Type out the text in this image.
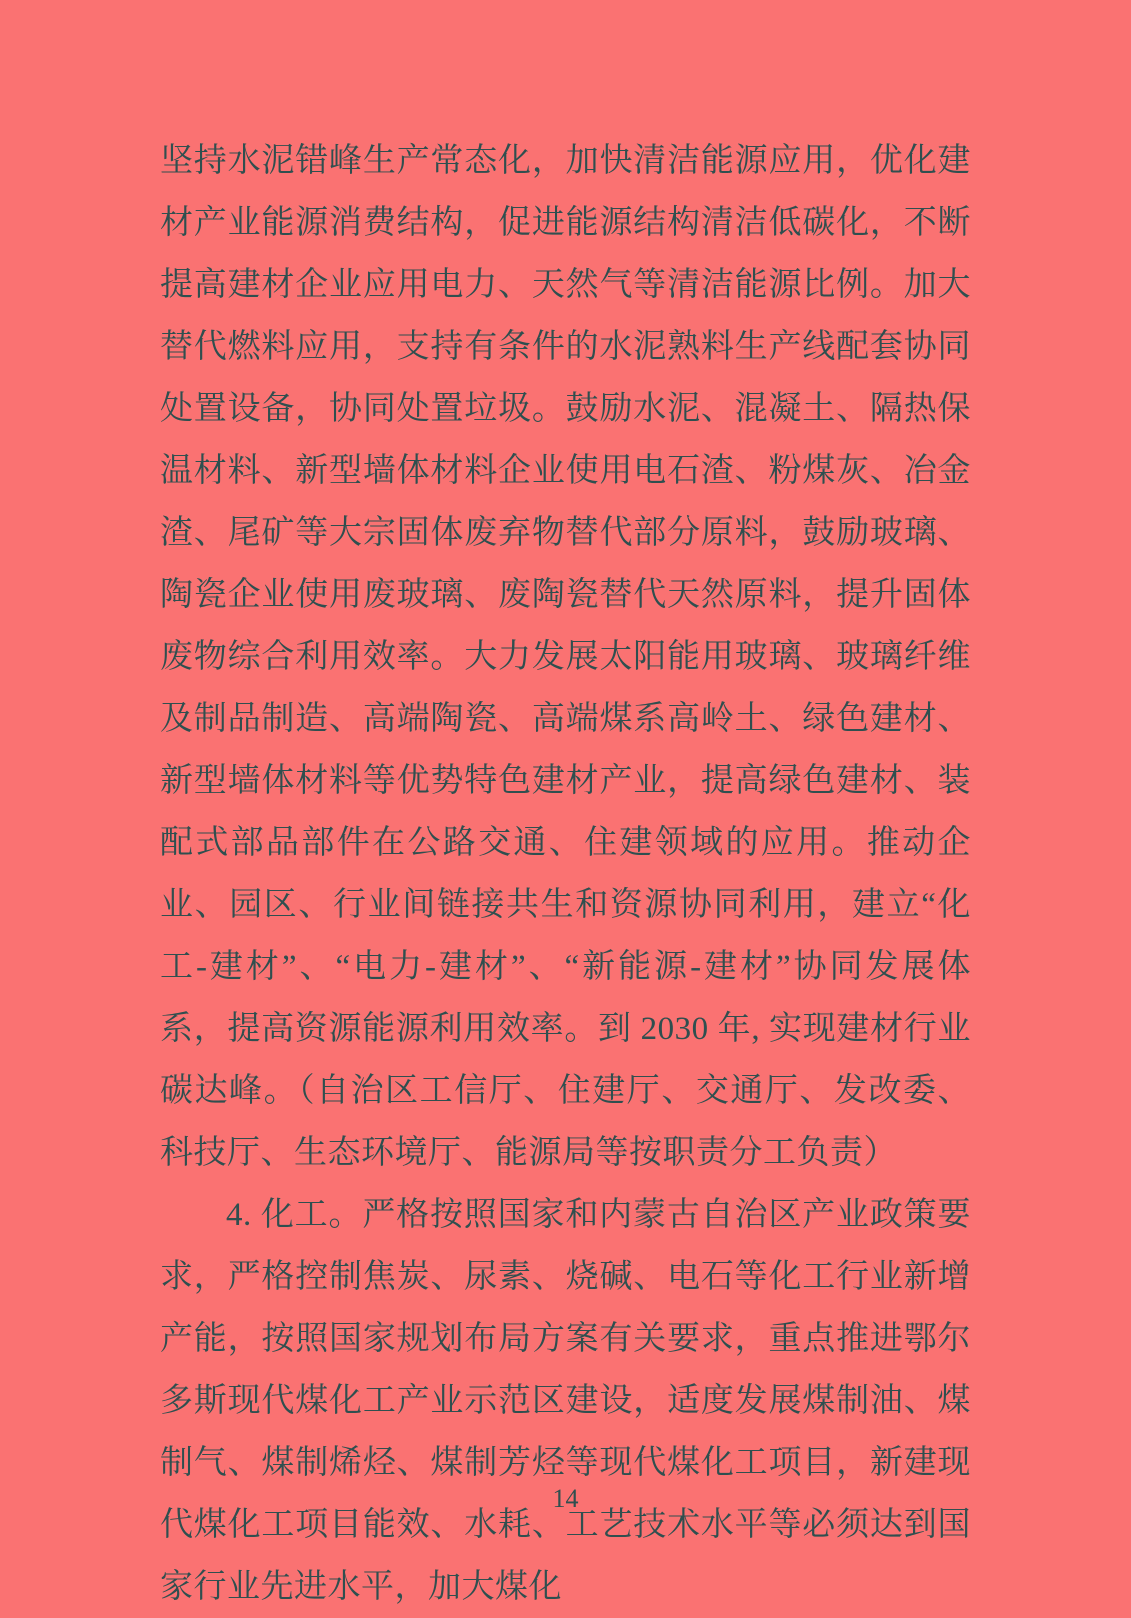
坚持水泥错峰生产常态化，加快清洁能源应用，优化建材产业能源消费结构，促进能源结构清洁低碳化，不断提高建材企业应用电力、天然气等清洁能源比例。加大替代燃料应用，支持有条件的水泥熟料生产线配套协同处置设备，协同处置垃圾。鼓励水泥、混凝土、隔热保温材料、新型墙体材料企业使用电石渣、粉煤灰、冶金渣、尾矿等大宗固体废弃物替代部分原料，鼓励玻璃、陶瓷企业使用废玻璃、废陶瓷替代天然原料，提升固体废物综合利用效率。大力发展太阳能用玻璃、玻璃纤维及制品制造、高端陶瓷、高端煤系高岭土、绿色建材、新型墙体材料等优势特色建材产业，提高绿色建材、装配式部品部件在公路交通、住建领域的应用。推动企业、园区、行业间链接共生和资源协同利用，建立“化工-建材”、“电力-建材”、“新能源-建材”协同发展体系，提高资源能源利用效率。到 2030 年, 实现建材行业碳达峰。（自治区工信厅、住建厅、交通厅、发改委、科技厅、生态环境厅、能源局等按职责分工负责）

4. 化工。严格按照国家和内蒙古自治区产业政策要求，严格控制焦炭、尿素、烧碱、电石等化工行业新增产能，按照国家规划布局方案有关要求，重点推进鄂尔多斯现代煤化工产业示范区建设，适度发展煤制油、煤制气、煤制烯烃、煤制芳烃等现代煤化工项目，新建现代煤化工项目能效、水耗、工艺技术水平等必须达到国家行业先进水平，加大煤化

14
